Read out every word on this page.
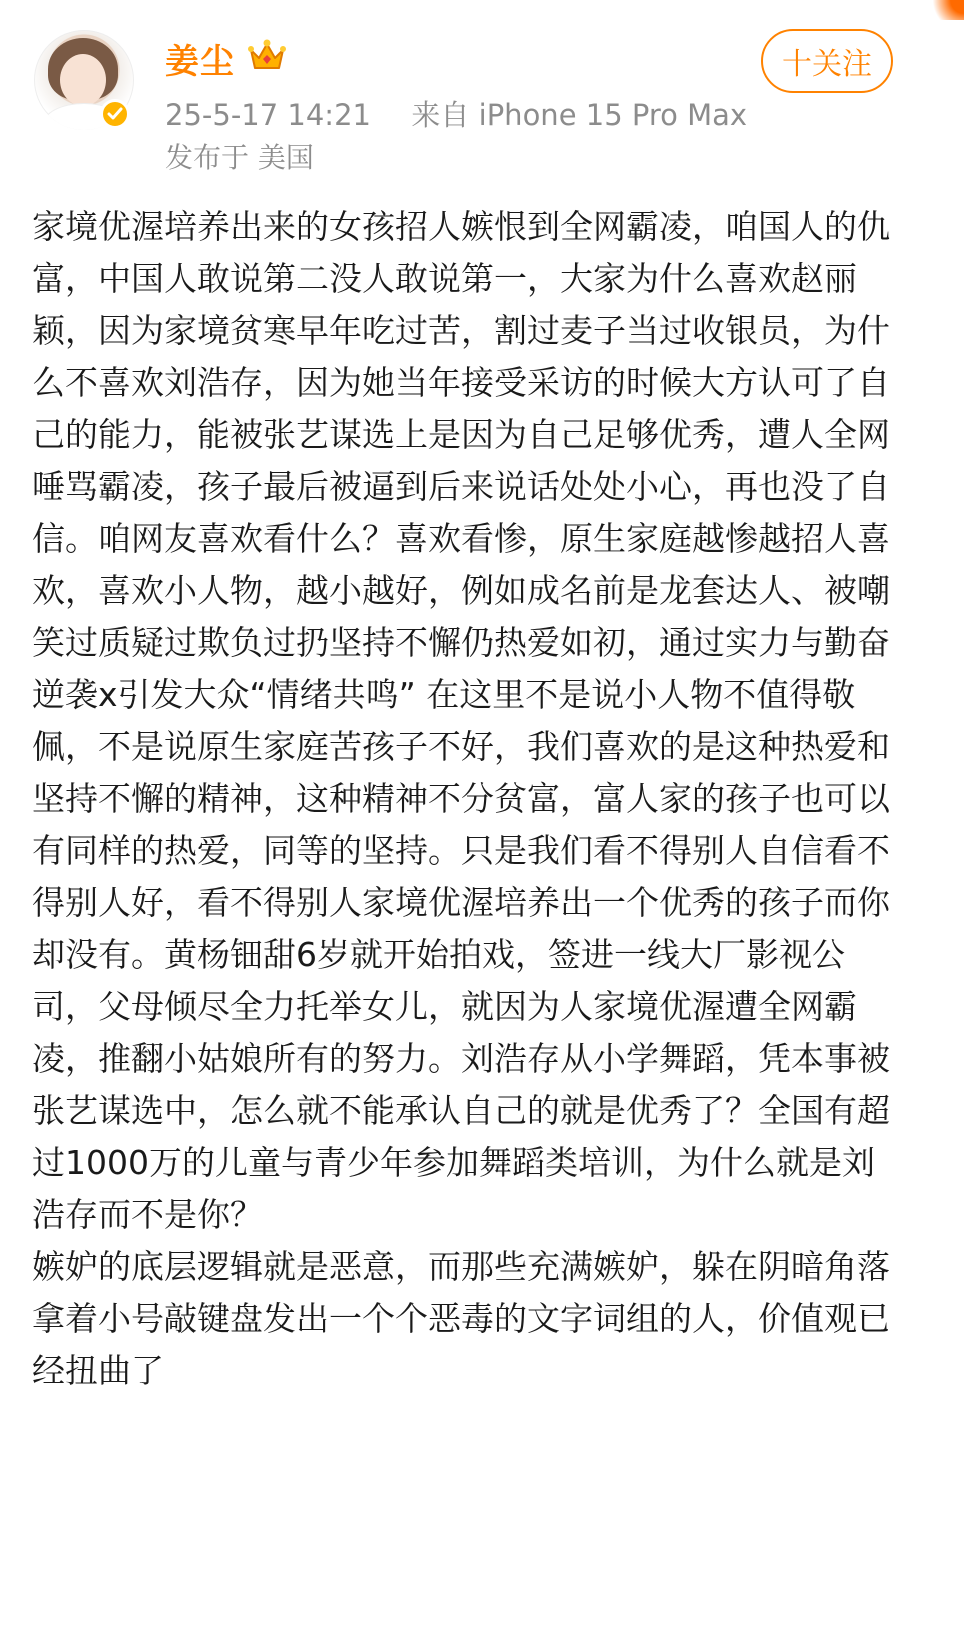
姜尘
25-5-17 14:21 来自 iPhone 15 Pro Max
发布于 美国
十关注

家境优渥培养出来的女孩招人嫉恨到全网霸凌，咱国人的仇富，中国人敢说第二没人敢说第一，大家为什么喜欢赵丽颖，因为家境贫寒早年吃过苦，割过麦子当过收银员，为什么不喜欢刘浩存，因为她当年接受采访的时候大方认可了自己的能力，能被张艺谋选上是因为自己足够优秀，遭人全网唾骂霸凌，孩子最后被逼到后来说话处处小心，再也没了自信。咱网友喜欢看什么？喜欢看惨，原生家庭越惨越招人喜欢，喜欢小人物，越小越好，例如成名前是龙套达人、被嘲笑过质疑过欺负过扔坚持不懈仍热爱如初，通过实力与勤奋逆袭x引发大众“情绪共鸣” 在这里不是说小人物不值得敬佩，不是说原生家庭苦孩子不好，我们喜欢的是这种热爱和坚持不懈的精神，这种精神不分贫富，富人家的孩子也可以有同样的热爱，同等的坚持。只是我们看不得别人自信看不得别人好，看不得别人家境优渥培养出一个优秀的孩子而你却没有。黄杨钿甜6岁就开始拍戏，签进一线大厂影视公司，父母倾尽全力托举女儿，就因为人家境优渥遭全网霸凌，推翻小姑娘所有的努力。刘浩存从小学舞蹈，凭本事被张艺谋选中，怎么就不能承认自己的就是优秀了？全国有超过1000万的儿童与青少年参加舞蹈类培训，为什么就是刘浩存而不是你？

嫉妒的底层逻辑就是恶意，而那些充满嫉妒，躲在阴暗角落拿着小号敲键盘发出一个个恶毒的文字词组的人，价值观已经扭曲了
